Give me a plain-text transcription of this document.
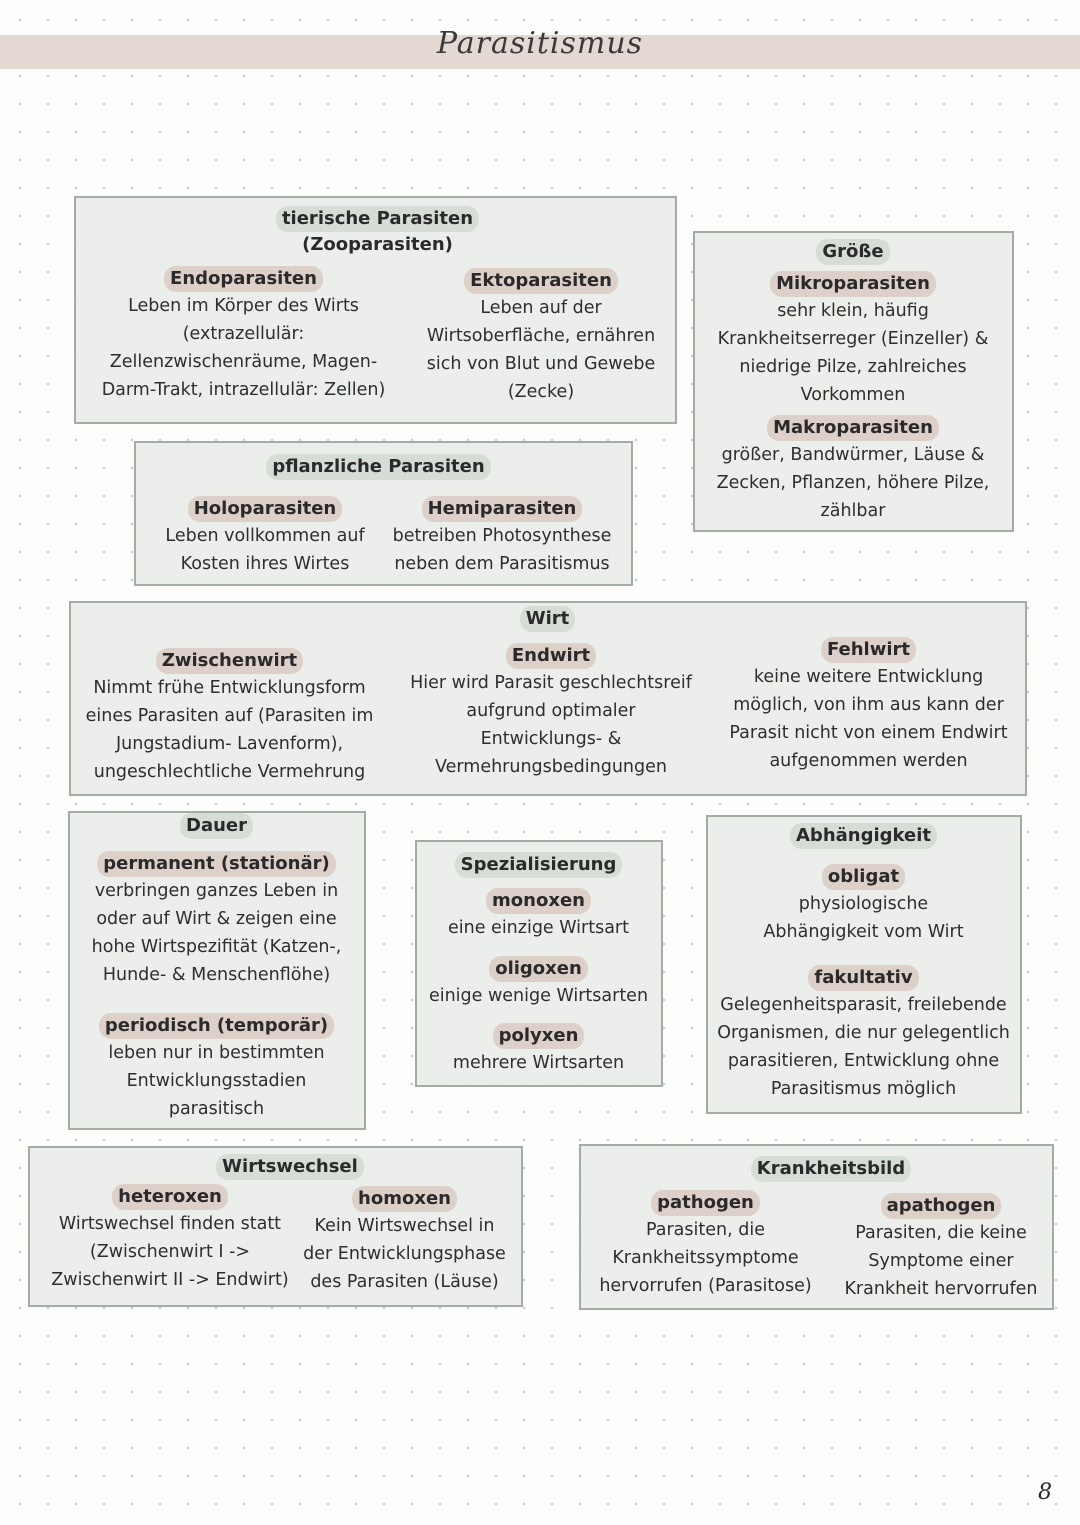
Parasitismus
tierische Parasiten
(Zooparasiten)
Endoparasiten
Leben im Körper des Wirts
(extrazellulär:
Zellenzwischenräume, Magen-
Darm-Trakt, intrazellulär: Zellen)
Ektoparasiten
Leben auf der
Wirtsoberfläche, ernähren
sich von Blut und Gewebe
(Zecke)
Größe
Mikroparasiten
sehr klein, häufig
Krankheitserreger (Einzeller) &
niedrige Pilze, zahlreiches
Vorkommen
Makroparasiten
größer, Bandwürmer, Läuse &
Zecken, Pflanzen, höhere Pilze,
zählbar
pflanzliche Parasiten
Holoparasiten
Leben vollkommen auf
Kosten ihres Wirtes
Hemiparasiten
betreiben Photosynthese
neben dem Parasitismus
Wirt
Zwischenwirt
Nimmt frühe Entwicklungsform
eines Parasiten auf (Parasiten im
Jungstadium- Lavenform),
ungeschlechtliche Vermehrung
Endwirt
Hier wird Parasit geschlechtsreif
aufgrund optimaler
Entwicklungs- &
Vermehrungsbedingungen
Fehlwirt
keine weitere Entwicklung
möglich, von ihm aus kann der
Parasit nicht von einem Endwirt
aufgenommen werden
Dauer
permanent (stationär)
verbringen ganzes Leben in
oder auf Wirt & zeigen eine
hohe Wirtspezifität (Katzen-,
Hunde- & Menschenflöhe)
periodisch (temporär)
leben nur in bestimmten
Entwicklungsstadien
parasitisch
Spezialisierung
monoxen
eine einzige Wirtsart
oligoxen
einige wenige Wirtsarten
polyxen
mehrere Wirtsarten
Abhängigkeit
obligat
physiologische
Abhängigkeit vom Wirt
fakultativ
Gelegenheitsparasit, freilebende
Organismen, die nur gelegentlich
parasitieren, Entwicklung ohne
Parasitismus möglich
Wirtswechsel
heteroxen
Wirtswechsel finden statt
(Zwischenwirt I ->
Zwischenwirt II -> Endwirt)
homoxen
Kein Wirtswechsel in
der Entwicklungsphase
des Parasiten (Läuse)
Krankheitsbild
pathogen
Parasiten, die
Krankheitssymptome
hervorrufen (Parasitose)
apathogen
Parasiten, die keine
Symptome einer
Krankheit hervorrufen
8
